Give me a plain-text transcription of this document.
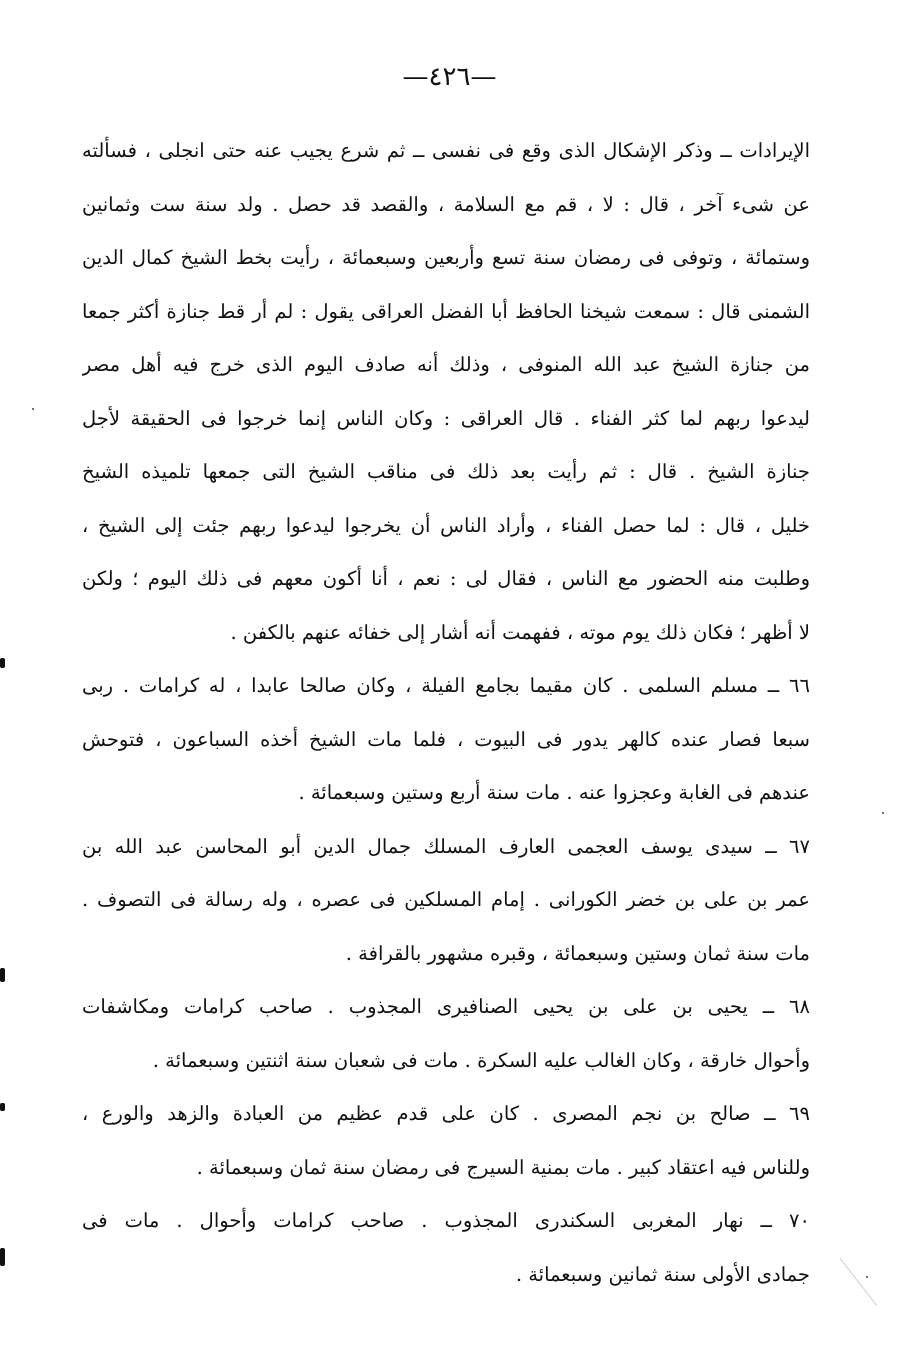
—٤٢٦—
الإيرادات ــ وذكر الإشكال الذى وقع فى نفسى ــ ثم شرع يجيب عنه حتى انجلى ، فسألته
عن شىء آخر ، قال : لا ، قم مع السلامة ، والقصد قد حصل . ولد سنة ست وثمانين
وستمائة ، وتوفى فى رمضان سنة تسع وأربعين وسبعمائة ، رأيت بخط الشيخ كمال الدين
الشمنى قال : سمعت شيخنا الحافظ أبا الفضل العراقى يقول : لم أر قط جنازة أكثر جمعا
من جنازة الشيخ عبد الله المنوفى ، وذلك أنه صادف اليوم الذى خرج فيه أهل مصر
ليدعوا ربهم لما كثر الفناء . قال العراقى : وكان الناس إنما خرجوا فى الحقيقة لأجل
جنازة الشيخ . قال : ثم رأيت بعد ذلك فى مناقب الشيخ التى جمعها تلميذه الشيخ
خليل ، قال : لما حصل الفناء ، وأراد الناس أن يخرجوا ليدعوا ربهم جئت إلى الشيخ ،
وطلبت منه الحضور مع الناس ، فقال لى : نعم ، أنا أكون معهم فى ذلك اليوم ؛ ولكن
لا أظهر ؛ فكان ذلك يوم موته ، ففهمت أنه أشار إلى خفائه عنهم بالكفن .
٦٦ ــ مسلم السلمى . كان مقيما بجامع الفيلة ، وكان صالحا عابدا ، له كرامات . ربى
سبعا فصار عنده كالهر يدور فى البيوت ، فلما مات الشيخ أخذه السباعون ، فتوحش
عندهم فى الغابة وعجزوا عنه . مات سنة أربع وستين وسبعمائة .
٦٧ ــ سيدى يوسف العجمى العارف المسلك جمال الدين أبو المحاسن عبد الله بن
عمر بن على بن خضر الكورانى . إمام المسلكين فى عصره ، وله رسالة فى التصوف .
مات سنة ثمان وستين وسبعمائة ، وقبره مشهور بالقرافة .
٦٨ ــ يحيى بن على بن يحيى الصنافيرى المجذوب . صاحب كرامات ومكاشفات
وأحوال خارقة ، وكان الغالب عليه السكرة . مات فى شعبان سنة اثنتين وسبعمائة .
٦٩ ــ صالح بن نجم المصرى . كان على قدم عظيم من العبادة والزهد والورع ،
وللناس فيه اعتقاد كبير . مات بمنية السيرج فى رمضان سنة ثمان وسبعمائة .
٧٠ ــ نهار المغربى السكندرى المجذوب . صاحب كرامات وأحوال . مات فى
جمادى الأولى سنة ثمانين وسبعمائة .
